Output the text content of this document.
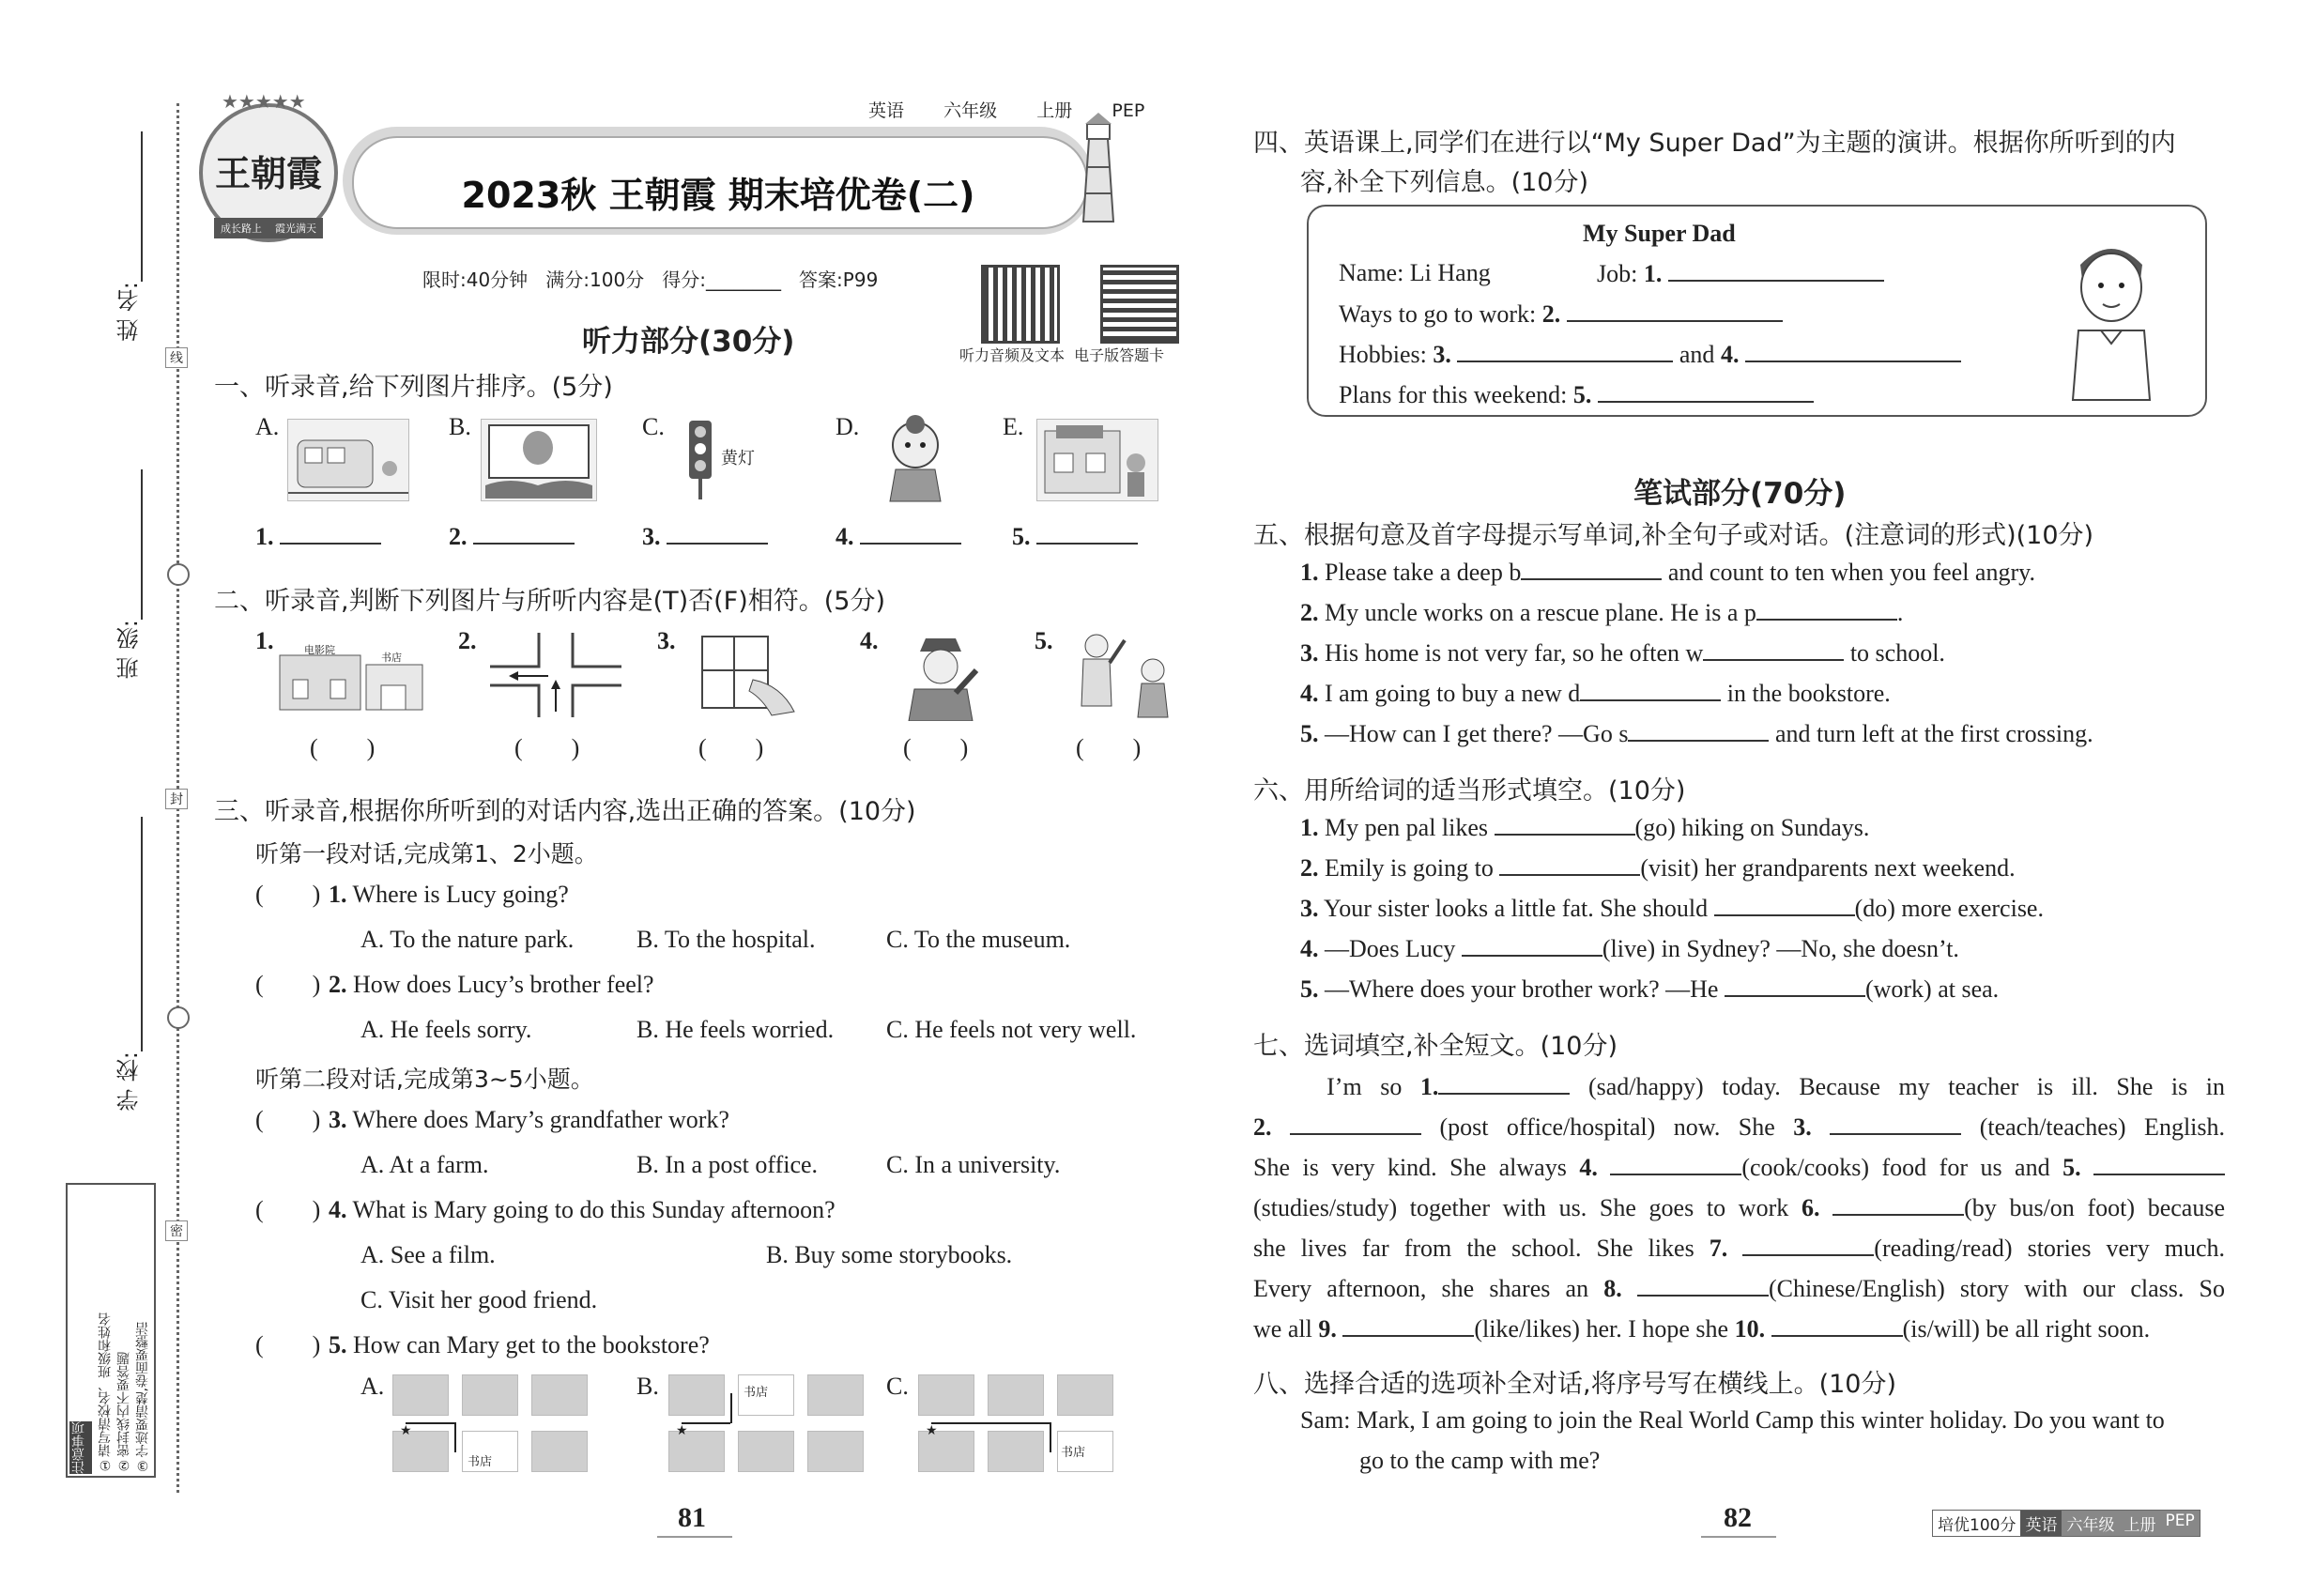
线
封
密
姓 名:
班 级:
学 校:
注意事项 ①请写清校名、班级和姓名 ②密封线内不要答题 ③字迹要清楚,卷面要整洁
★★★★★
王朝霞
成长路上 霞光满天
英语 六年级 上册 PEP
2023秋 王朝霞 期末培优卷(二)
限时:40分钟   满分:100分   得分:________   答案:P99
听力音频及文本  电子版答题卡
听力部分(30分)
一、听录音,给下列图片排序。(5分)
A.	B.	C.
黄灯
D.	E.
1.	2.	3.	4.	5.
二、听录音,判断下列图片与所听内容是(T)否(F)相符。(5分)
1.	电影院
书店
2.	3.	4.	5.
(        )	(        )	(        )	(        )	(        )
三、听录音,根据你所听到的对话内容,选出正确的答案。(10分)
听第一段对话,完成第1、2小题。
(        ) 1. Where is Lucy going?
A. To the nature park.	B. To the hospital.	C. To the museum.
(        ) 2. How does Lucy’s brother feel?
A. He feels sorry.	B. He feels worried. C. He feels not very well.
听第二段对话,完成第3~5小题。
(        ) 3. Where does Mary’s grandfather work?
A. At a farm.	B. In a post office.	C. In a university.
(        ) 4. What is Mary going to do this Sunday afternoon?
A. See a film.	B. Buy some storybooks.
C. Visit her good friend.
(        ) 5. How can Mary get to the bookstore?
A.
★
书店
B.
★
书店	C.
★
书店
81
四、英语课上,同学们在进行以“My Super Dad”为主题的演讲。根据你所听到的内
容,补全下列信息。(10分)
My Super Dad
Name: Li Hang	Job: 1.
Ways to go to work: 2.
Hobbies: 3.	and 4.
Plans for this weekend: 5.
笔试部分(70分)
五、根据句意及首字母提示写单词,补全句子或对话。(注意词的形式)(10分)
1. Please take a deep b	and count to ten when you feel angry.
2. My uncle works on a rescue plane. He is a p	.
3. His home is not very far, so he often w	to school.
4. I am going to buy a new d	in the bookstore.
5. —How can I get there? —Go s	and turn left at the first crossing.
六、用所给词的适当形式填空。(10分)
1. My pen pal likes	(go) hiking on Sundays.
2. Emily is going to	(visit) her grandparents next weekend.
3. Your sister looks a little fat. She should	(do) more exercise.
4. —Does Lucy	(live) in Sydney? —No, she doesn’t.
5. —Where does your brother work? —He	(work) at sea.
七、选词填空,补全短文。(10分)
I’m so 1.	(sad/happy) today. Because my teacher is ill. She is in
2.	(post office/hospital) now. She 3.	(teach/teaches) English.
She is very kind. She always 4.	(cook/cooks) food for us and 5.
(studies/study) together with us. She goes to work 6.	(by bus/on foot) because
she lives far from the school. She likes 7.	(reading/read) stories very much.
Every afternoon, she shares an 8.	(Chinese/English) story with our class. So
we all 9.	(like/likes) her. I hope she 10.	(is/will) be all right soon.
八、选择合适的选项补全对话,将序号写在横线上。(10分)
Sam: Mark, I am going to join the Real World Camp this winter holiday. Do you want to
go to the camp with me?
82	培优100分 英语 六年级 上册 PEP
